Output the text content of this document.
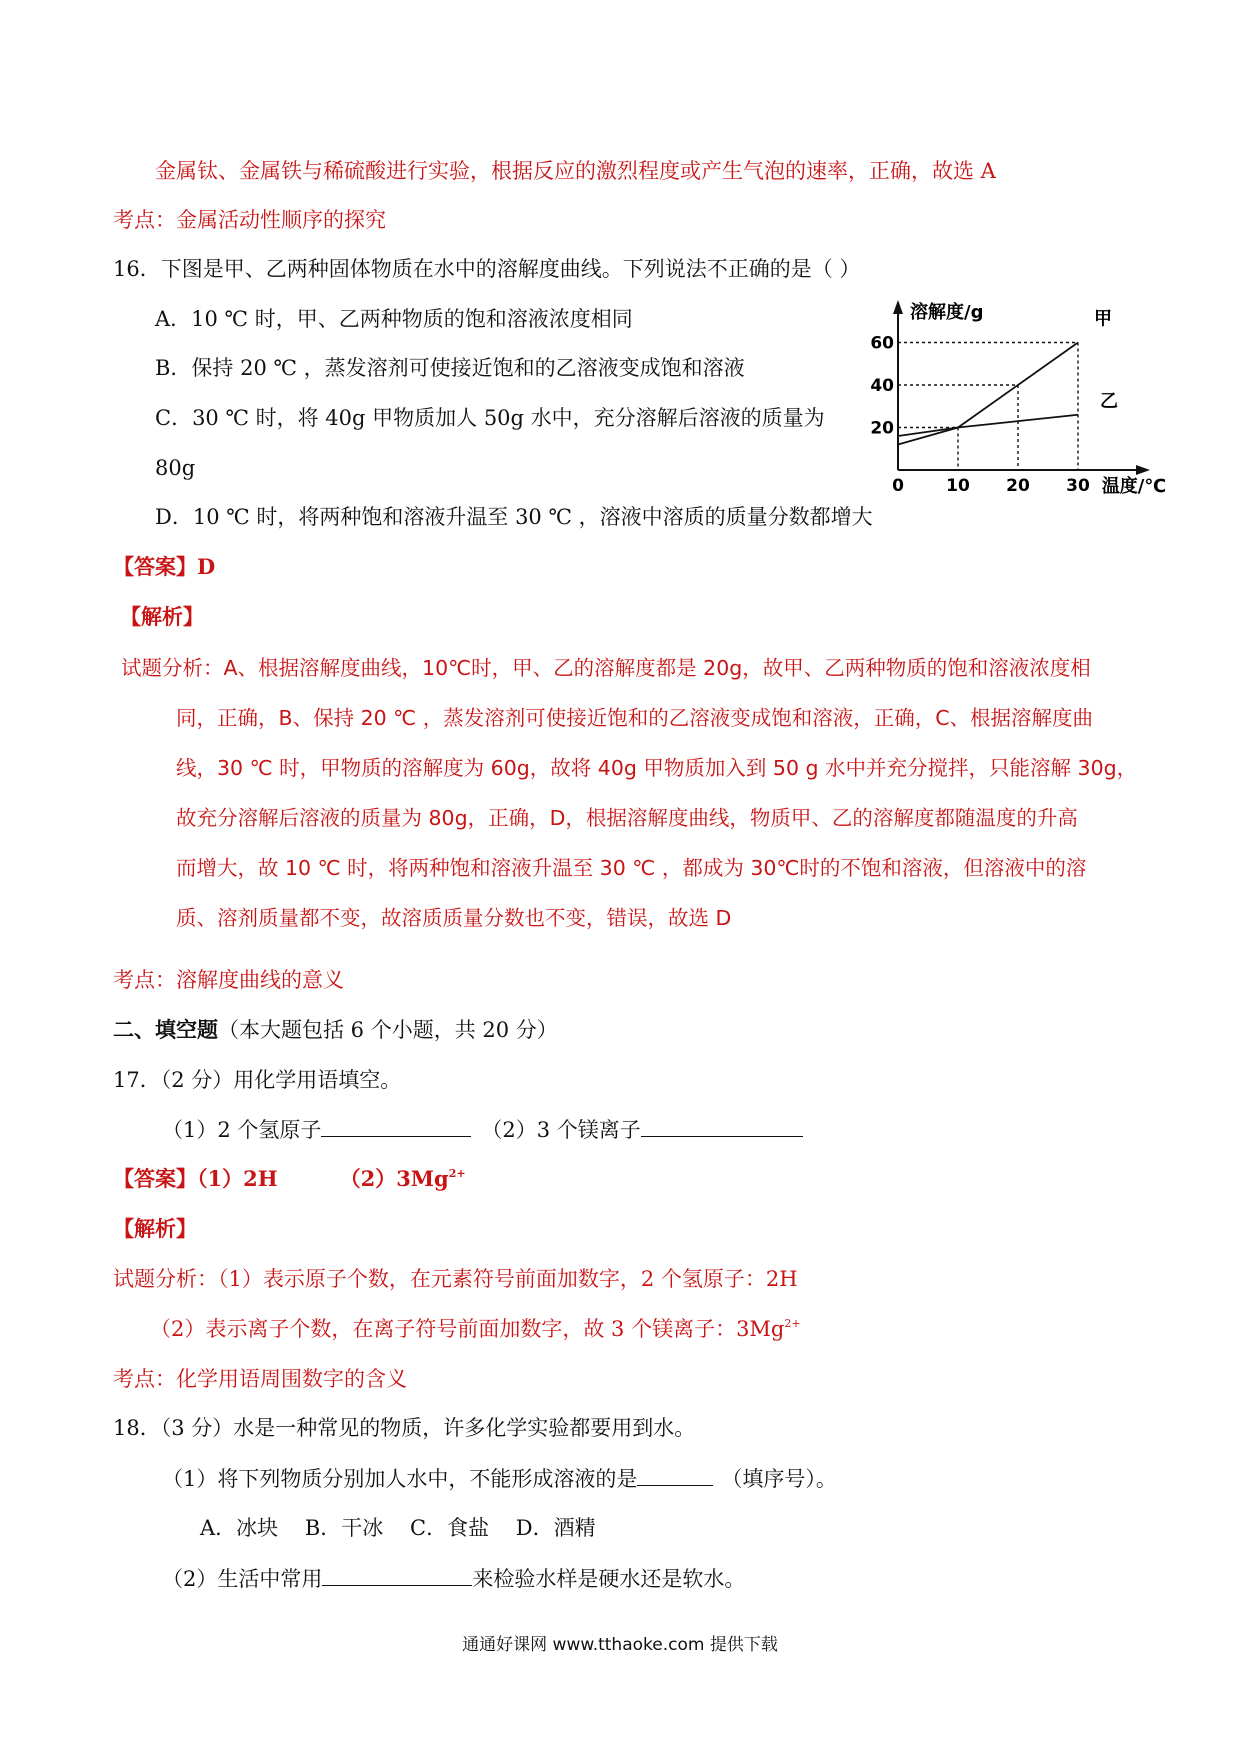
金属钛、金属铁与稀硫酸进行实验，根据反应的激烈程度或产生气泡的速率，正确，故选 A
考点：金属活动性顺序的探究
16．下图是甲、乙两种固体物质在水中的溶解度曲线。下列说法不正确的是（ ）
A．10 ℃ 时，甲、乙两种物质的饱和溶液浓度相同
B．保持 20 ℃ ，蒸发溶剂可使接近饱和的乙溶液变成饱和溶液
C．30 ℃ 时，将 40g 甲物质加人 50g 水中，充分溶解后溶液的质量为
80g
D．10 ℃ 时，将两种饱和溶液升温至 30 ℃ ，溶液中溶质的质量分数都增大
甲
乙
20
40
60
0 10 20 30
溶解度/g
温度/℃
【答案】D
【解析】
试题分析：A、根据溶解度曲线，10℃时，甲、乙的溶解度都是 20g，故甲、乙两种物质的饱和溶液浓度相
同，正确，B、保持 20 ℃ ，蒸发溶剂可使接近饱和的乙溶液变成饱和溶液，正确，C、根据溶解度曲
线，30 ℃ 时，甲物质的溶解度为 60g，故将 40g 甲物质加入到 50 g 水中并充分搅拌，只能溶解 30g，
故充分溶解后溶液的质量为 80g，正确，D，根据溶解度曲线，物质甲、乙的溶解度都随温度的升高
而增大，故 10 ℃ 时，将两种饱和溶液升温至 30 ℃ ，都成为 30℃时的不饱和溶液，但溶液中的溶
质、溶剂质量都不变，故溶质质量分数也不变，错误，故选 D
考点：溶解度曲线的意义
二、填空题（本大题包括 6 个小题，共 20 分）
17．（2 分）用化学用语填空。
（1）2 个氢原子	（2）3 个镁离子
【答案】（1）2H	$(2)3Mg^{2+}$
【解析】
试题分析：（1）表示原子个数，在元素符号前面加数字，2 个氢原子：2H
（2）表示离子个数，在离子符号前面加数字，故 3 个镁离子：$3Mg^{2+}$
考点：化学用语周围数字的含义
18．（3 分）水是一种常见的物质，许多化学实验都要用到水。
（1）将下列物质分别加人水中，不能形成溶液的是	（填序号）。
A．冰块    B．干冰    C．食盐    D．酒精
（2）生活中常用	来检验水样是硬水还是软水。
通通好课网 www.tthaoke.com 提供下载
